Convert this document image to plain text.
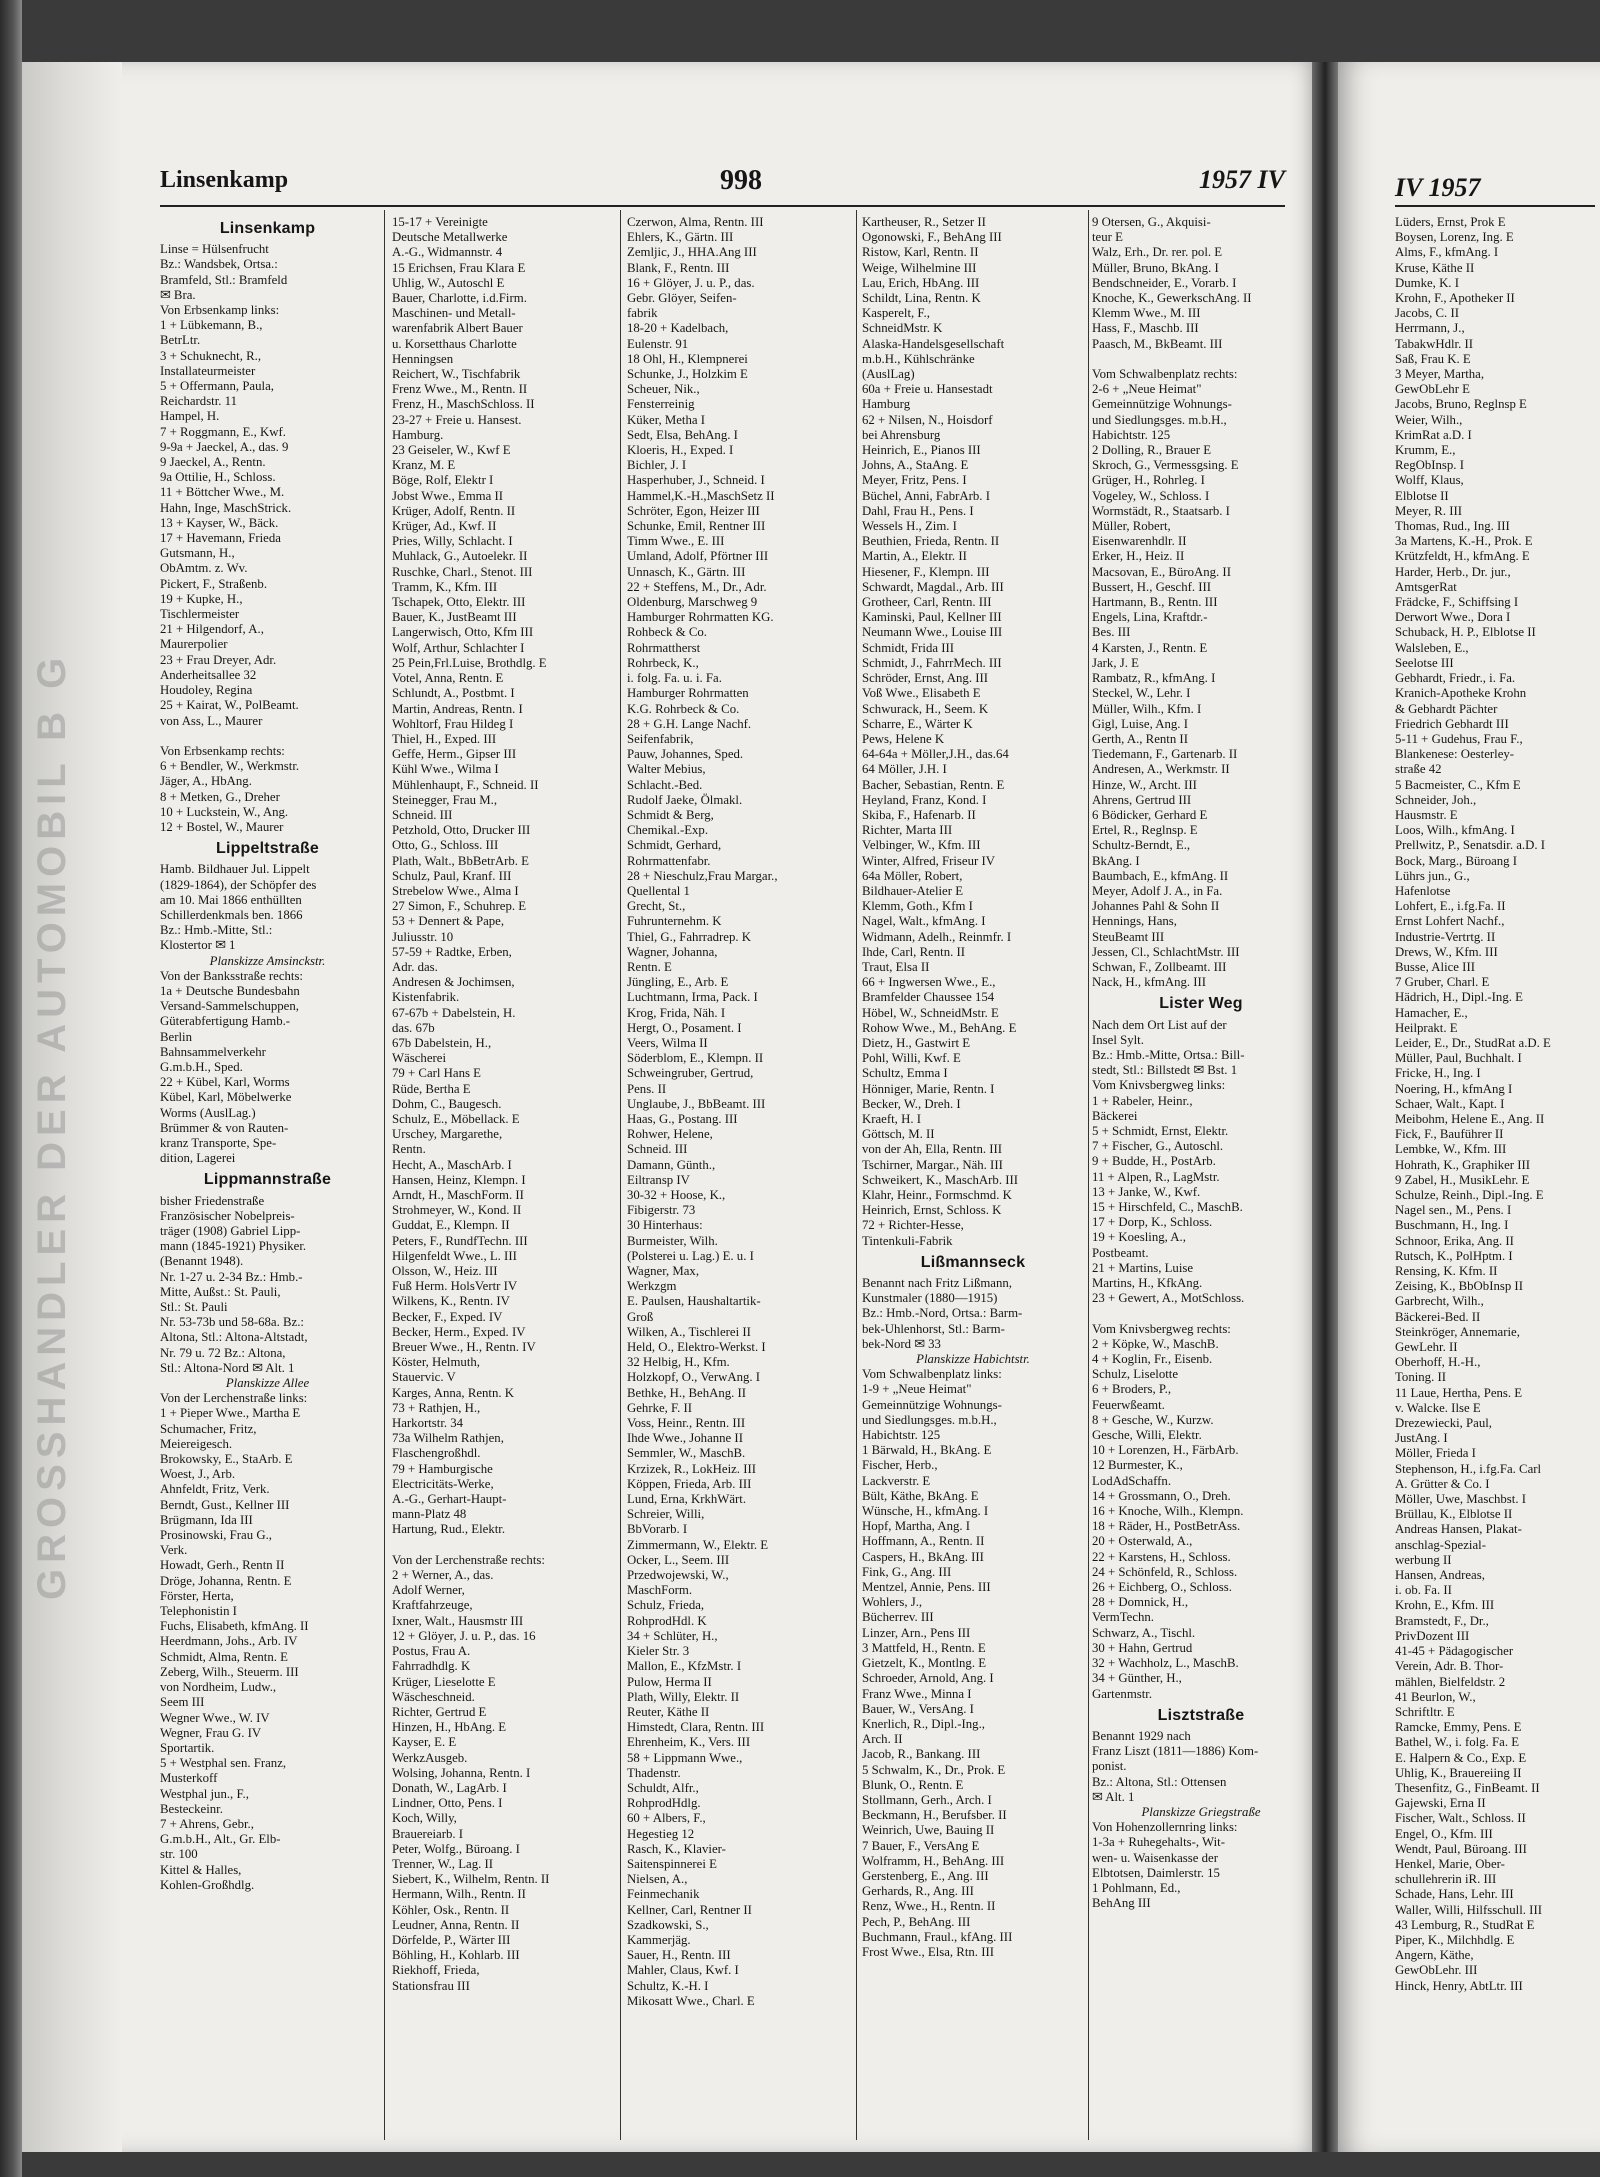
GROSSHANDLER DER AUTOMOBIL B G
Linsenkamp	998	1957 IV	IV 1957
Linsenkamp
Linse = Hülsenfrucht
Bz.: Wandsbek, Ortsa.:
Bramfeld, Stl.: Bramfeld
✉ Bra.
Von Erbsenkamp links:
1 + Lübkemann, B.,
BetrLtr.
3 + Schuknecht, R.,
Installateurmeister
5 + Offermann, Paula,
Reichardstr. 11
Hampel, H.
7 + Roggmann, E., Kwf.
9-9a + Jaeckel, A., das. 9
9 Jaeckel, A., Rentn.
9a Ottilie, H., Schloss.
11 + Böttcher Wwe., M.
Hahn, Inge, MaschStrick.
13 + Kayser, W., Bäck.
17 + Havemann, Frieda
Gutsmann, H.,
ObAmtm. z. Wv.
Pickert, F., Straßenb.
19 + Kupke, H.,
Tischlermeister
21 + Hilgendorf, A.,
Maurerpolier
23 + Frau Dreyer, Adr.
Anderheitsallee 32
Houdoley, Regina
25 + Kairat, W., PolBeamt.
von Ass, L., Maurer

Von Erbsenkamp rechts:
6 + Bendler, W., Werkmstr.
Jäger, A., HbAng.
8 + Metken, G., Dreher
10 + Luckstein, W., Ang.
12 + Bostel, W., Maurer
Lippeltstraße
Hamb. Bildhauer Jul. Lippelt
(1829-1864), der Schöpfer des
am 10. Mai 1866 enthüllten
Schillerdenkmals ben. 1866
Bz.: Hmb.-Mitte, Stl.:
Klostertor ✉ 1
Planskizze Amsinckstr.
Von der Banksstraße rechts:
1a + Deutsche Bundesbahn
Versand-Sammelschuppen,
Güterabfertigung Hamb.-
Berlin
Bahnsammelverkehr
G.m.b.H., Sped.
22 + Kübel, Karl, Worms
Kübel, Karl, Möbelwerke
Worms (AuslLag.)
Brümmer & von Rauten-
kranz Transporte, Spe-
dition, Lagerei
Lippmannstraße
bisher Friedenstraße
Französischer Nobelpreis-
träger (1908) Gabriel Lipp-
mann (1845-1921) Physiker.
(Benannt 1948).
Nr. 1-27 u. 2-34 Bz.: Hmb.-
Mitte, Außst.: St. Pauli,
Stl.: St. Pauli
Nr. 53-73b und 58-68a. Bz.:
Altona, Stl.: Altona-Altstadt,
Nr. 79 u. 72 Bz.: Altona,
Stl.: Altona-Nord ✉ Alt. 1
Planskizze Allee
Von der Lerchenstraße links:
1 + Pieper Wwe., Martha E
Schumacher, Fritz,
Meiereigesch.
Brokowsky, E., StaArb. E
Woest, J., Arb.
Ahnfeldt, Fritz, Verk.
Berndt, Gust., Kellner III
Brügmann, Ida III
Prosinowski, Frau G.,
Verk.
Howadt, Gerh., Rentn II
Dröge, Johanna, Rentn. E
Förster, Herta,
Telephonistin I
Fuchs, Elisabeth, kfmAng. II
Heerdmann, Johs., Arb. IV
Schmidt, Alma, Rentn. E
Zeberg, Wilh., Steuerm. III
von Nordheim, Ludw.,
Seem III
Wegner Wwe., W. IV
Wegner, Frau G. IV
Sportartik.
5 + Westphal sen. Franz,
Musterkoff
Westphal jun., F.,
Besteckeinr.
7 + Ahrens, Gebr.,
G.m.b.H., Alt., Gr. Elb-
str. 100
Kittel & Halles,
Kohlen-Großhdlg.
15-17 + Vereinigte
Deutsche Metallwerke
A.-G., Widmannstr. 4
15 Erichsen, Frau Klara E
Uhlig, W., Autoschl E
Bauer, Charlotte, i.d.Firm.
Maschinen- und Metall-
warenfabrik Albert Bauer
u. Korsetthaus Charlotte
Henningsen
Reichert, W., Tischfabrik
Frenz Wwe., M., Rentn. II
Frenz, H., MaschSchloss. II
23-27 + Freie u. Hansest.
Hamburg.
23 Geiseler, W., Kwf E
Kranz, M. E
Böge, Rolf, Elektr I
Jobst Wwe., Emma II
Krüger, Adolf, Rentn. II
Krüger, Ad., Kwf. II
Pries, Willy, Schlacht. I
Muhlack, G., Autoelekr. II
Ruschke, Charl., Stenot. III
Tramm, K., Kfm. III
Tschapek, Otto, Elektr. III
Bauer, K., JustBeamt III
Langerwisch, Otto, Kfm III
Wolf, Arthur, Schlachter I
25 Pein,Frl.Luise, Brothdlg. E
Votel, Anna, Rentn. E
Schlundt, A., Postbmt. I
Martin, Andreas, Rentn. I
Wohltorf, Frau Hildeg I
Thiel, H., Exped. III
Geffe, Herm., Gipser III
Kühl Wwe., Wilma I
Mühlenhaupt, F., Schneid. II
Steinegger, Frau M.,
Schneid. III
Petzhold, Otto, Drucker III
Otto, G., Schloss. III
Plath, Walt., BbBetrArb. E
Schulz, Paul, Kranf. III
Strebelow Wwe., Alma I
27 Simon, F., Schuhrep. E
53 + Dennert & Pape,
Juliusstr. 10
57-59 + Radtke, Erben,
Adr. das.
Andresen & Jochimsen,
Kistenfabrik.
67-67b + Dabelstein, H.
das. 67b
67b Dabelstein, H.,
Wäscherei
79 + Carl Hans E
Rüde, Bertha E
Dohm, C., Baugesch.
Schulz, E., Möbellack. E
Urschey, Margarethe,
Rentn.
Hecht, A., MaschArb. I
Hansen, Heinz, Klempn. I
Arndt, H., MaschForm. II
Strohmeyer, W., Kond. II
Guddat, E., Klempn. II
Peters, F., RundfTechn. III
Hilgenfeldt Wwe., L. III
Olsson, W., Heiz. III
Fuß Herm. HolsVertr IV
Wilkens, K., Rentn. IV
Becker, F., Exped. IV
Becker, Herm., Exped. IV
Breuer Wwe., H., Rentn. IV
Köster, Helmuth,
Stauervic. V
Karges, Anna, Rentn. K
73 + Rathjen, H.,
Harkortstr. 34
73a Wilhelm Rathjen,
Flaschengroßhdl.
79 + Hamburgische
Electricitäts-Werke,
A.-G., Gerhart-Haupt-
mann-Platz 48
Hartung, Rud., Elektr.

Von der Lerchenstraße rechts:
2 + Werner, A., das.
Adolf Werner,
Kraftfahrzeuge,
Ixner, Walt., Hausmstr III
12 + Glöyer, J. u. P., das. 16
Postus, Frau A.
Fahrradhdlg. K
Krüger, Lieselotte E
Wäscheschneid.
Richter, Gertrud E
Hinzen, H., HbAng. E
Kayser, E. E
WerkzAusgeb.
Wolsing, Johanna, Rentn. I
Donath, W., LagArb. I
Lindner, Otto, Pens. I
Koch, Willy,
Brauereiarb. I
Peter, Wolfg., Büroang. I
Trenner, W., Lag. II
Siebert, K., Wilhelm, Rentn. II
Hermann, Wilh., Rentn. II
Köhler, Osk., Rentn. II
Leudner, Anna, Rentn. II
Dörfelde, P., Wärter III
Böhling, H., Kohlarb. III
Riekhoff, Frieda,
Stationsfrau III
Czerwon, Alma, Rentn. III
Ehlers, K., Gärtn. III
Zemljic, J., HHA.Ang III
Blank, F., Rentn. III
16 + Glöyer, J. u. P., das.
Gebr. Glöyer, Seifen-
fabrik
18-20 + Kadelbach,
Eulenstr. 91
18 Ohl, H., Klempnerei
Schunke, J., Holzkim E
Scheuer, Nik.,
Fensterreinig
Küker, Metha I
Sedt, Elsa, BehAng. I
Kloeris, H., Exped. I
Bichler, J. I
Hasperhuber, J., Schneid. I
Hammel,K.-H.,MaschSetz II
Schröter, Egon, Heizer III
Schunke, Emil, Rentner III
Timm Wwe., E. III
Umland, Adolf, Pförtner III
Unnasch, K., Gärtn. III
22 + Steffens, M., Dr., Adr.
Oldenburg, Marschweg 9
Hamburger Rohrmatten KG.
Rohbeck & Co.
Rohrmattherst
Rohrbeck, K.,
i. folg. Fa. u. i. Fa.
Hamburger Rohrmatten
K.G. Rohrbeck & Co.
28 + G.H. Lange Nachf.
Seifenfabrik,
Pauw, Johannes, Sped.
Walter Mebius,
Schlacht.-Bed.
Rudolf Jaeke, Ölmakl.
Schmidt & Berg,
Chemikal.-Exp.
Schmidt, Gerhard,
Rohrmattenfabr.
28 + Nieschulz,Frau Margar.,
Quellental 1
Grecht, St.,
Fuhrunternehm. K
Thiel, G., Fahrradrep. K
Wagner, Johanna,
Rentn. E
Jüngling, E., Arb. E
Luchtmann, Irma, Pack. I
Krog, Frida, Näh. I
Hergt, O., Posament. I
Veers, Wilma II
Söderblom, E., Klempn. II
Schweingruber, Gertrud,
Pens. II
Unglaube, J., BbBeamt. III
Haas, G., Postang. III
Rohwer, Helene,
Schneid. III
Damann, Günth.,
Eiltransp IV
30-32 + Hoose, K.,
Fibigerstr. 73
30 Hinterhaus:
Burmeister, Wilh.
(Polsterei u. Lag.) E. u. I
Wagner, Max,
Werkzgm
E. Paulsen, Haushaltartik-
Groß
Wilken, A., Tischlerei II
Held, O., Elektro-Werkst. I
32 Helbig, H., Kfm.
Holzkopf, O., VerwAng. I
Bethke, H., BehAng. II
Gehrke, F. II
Voss, Heinr., Rentn. III
Ihde Wwe., Johanne II
Semmler, W., MaschB.
Krzizek, R., LokHeiz. III
Köppen, Frieda, Arb. III
Lund, Erna, KrkhWärt.
Schreier, Willi,
BbVorarb. I
Zimmermann, W., Elektr. E
Ocker, L., Seem. III
Przedwojewski, W.,
MaschForm.
Schulz, Frieda,
RohprodHdl. K
34 + Schlüter, H.,
Kieler Str. 3
Mallon, E., KfzMstr. I
Pulow, Herma II
Plath, Willy, Elektr. II
Reuter, Käthe II
Himstedt, Clara, Rentn. III
Ehrenheim, K., Vers. III
58 + Lippmann Wwe.,
Thadenstr.
Schuldt, Alfr.,
RohprodHdlg.
60 + Albers, F.,
Hegestieg 12
Rasch, K., Klavier-
Saitenspinnerei E
Nielsen, A.,
Feinmechanik
Kellner, Carl, Rentner II
Szadkowski, S.,
Kammerjäg.
Sauer, H., Rentn. III
Mahler, Claus, Kwf. I
Schultz, K.-H. I
Mikosatt Wwe., Charl. E
Kartheuser, R., Setzer II
Ogonowski, F., BehAng III
Ristow, Karl, Rentn. II
Weige, Wilhelmine III
Lau, Erich, HbAng. III
Schildt, Lina, Rentn. K
Kasperelt, F.,
SchneidMstr. K
Alaska-Handelsgesellschaft
m.b.H., Kühlschränke
(AuslLag)
60a + Freie u. Hansestadt
Hamburg
62 + Nilsen, N., Hoisdorf
bei Ahrensburg
Heinrich, E., Pianos III
Johns, A., StaAng. E
Meyer, Fritz, Pens. I
Büchel, Anni, FabrArb. I
Dahl, Frau H., Pens. I
Wessels H., Zim. I
Beuthien, Frieda, Rentn. II
Martin, A., Elektr. II
Hiesener, F., Klempn. III
Schwardt, Magdal., Arb. III
Grotheer, Carl, Rentn. III
Kaminski, Paul, Kellner III
Neumann Wwe., Louise III
Schmidt, Frida III
Schmidt, J., FahrrMech. III
Schröder, Ernst, Ang. III
Voß Wwe., Elisabeth E
Schwurack, H., Seem. K
Scharre, E., Wärter K
Pews, Helene K
64-64a + Möller,J.H., das.64
64 Möller, J.H. I
Bacher, Sebastian, Rentn. E
Heyland, Franz, Kond. I
Skiba, F., Hafenarb. II
Richter, Marta III
Velbinger, W., Kfm. III
Winter, Alfred, Friseur IV
64a Möller, Robert,
Bildhauer-Atelier E
Klemm, Goth., Kfm I
Nagel, Walt., kfmAng. I
Widmann, Adelh., Reinmfr. I
Ihde, Carl, Rentn. II
Traut, Elsa II
66 + Ingwersen Wwe., E.,
Bramfelder Chaussee 154
Höbel, W., SchneidMstr. E
Rohow Wwe., M., BehAng. E
Dietz, H., Gastwirt E
Pohl, Willi, Kwf. E
Schultz, Emma I
Hönniger, Marie, Rentn. I
Becker, W., Dreh. I
Kraeft, H. I
Göttsch, M. II
von der Ah, Ella, Rentn. III
Tschirner, Margar., Näh. III
Schweikert, K., MaschArb. III
Klahr, Heinr., Formschmd. K
Heinrich, Ernst, Schloss. K
72 + Richter-Hesse,
Tintenkuli-Fabrik
Lißmannseck
Benannt nach Fritz Lißmann,
Kunstmaler (1880—1915)
Bz.: Hmb.-Nord, Ortsa.: Barm-
bek-Uhlenhorst, Stl.: Barm-
bek-Nord ✉ 33
Planskizze Habichtstr.
Vom Schwalbenplatz links:
1-9 + „Neue Heimat"
Gemeinnützige Wohnungs-
und Siedlungsges. m.b.H.,
Habichtstr. 125
1 Bärwald, H., BkAng. E
Fischer, Herb.,
Lackverstr. E
Bült, Käthe, BkAng. E
Wünsche, H., kfmAng. I
Hopf, Martha, Ang. I
Hoffmann, A., Rentn. II
Caspers, H., BkAng. III
Fink, G., Ang. III
Mentzel, Annie, Pens. III
Wohlers, J.,
Bücherrev. III
Linzer, Arn., Pens III
3 Mattfeld, H., Rentn. E
Gietzelt, K., Montlng. E
Schroeder, Arnold, Ang. I
Franz Wwe., Minna I
Bauer, W., VersAng. I
Knerlich, R., Dipl.-Ing.,
Arch. II
Jacob, R., Bankang. III
5 Schwalm, K., Dr., Prok. E
Blunk, O., Rentn. E
Stollmann, Gerh., Arch. I
Beckmann, H., Berufsber. II
Weinrich, Uwe, Bauing II
7 Bauer, F., VersAng E
Wolframm, H., BehAng. III
Gerstenberg, E., Ang. III
Gerhards, R., Ang. III
Renz, Wwe., H., Rentn. II
Pech, P., BehAng. III
Buchmann, Fraul., kfAng. III
Frost Wwe., Elsa, Rtn. III
9 Otersen, G., Akquisi-
teur E
Walz, Erh., Dr. rer. pol. E
Müller, Bruno, BkAng. I
Bendschneider, E., Vorarb. I
Knoche, K., GewerkschAng. II
Klemm Wwe., M. III
Hass, F., Maschb. III
Paasch, M., BkBeamt. III

Vom Schwalbenplatz rechts:
2-6 + „Neue Heimat"
Gemeinnützige Wohnungs-
und Siedlungsges. m.b.H.,
Habichtstr. 125
2 Dolling, R., Brauer E
Skroch, G., Vermessgsing. E
Grüger, H., Rohrleg. I
Vogeley, W., Schloss. I
Wormstädt, R., Staatsarb. I
Müller, Robert,
Eisenwarenhdlr. II
Erker, H., Heiz. II
Macsovan, E., BüroAng. II
Bussert, H., Geschf. III
Hartmann, B., Rentn. III
Engels, Lina, Kraftdr.-
Bes. III
4 Karsten, J., Rentn. E
Jark, J. E
Rambatz, R., kfmAng. I
Steckel, W., Lehr. I
Müller, Wilh., Kfm. I
Gigl, Luise, Ang. I
Gerth, A., Rentn II
Tiedemann, F., Gartenarb. II
Andresen, A., Werkmstr. II
Hinze, W., Archt. III
Ahrens, Gertrud III
6 Bödicker, Gerhard E
Ertel, R., Reglnsp. E
Schultz-Berndt, E.,
BkAng. I
Baumbach, E., kfmAng. II
Meyer, Adolf J. A., in Fa.
Johannes Pahl & Sohn II
Hennings, Hans,
SteuBeamt III
Jessen, Cl., SchlachtMstr. III
Schwan, F., Zollbeamt. III
Nack, H., kfmAng. III
Lister Weg
Nach dem Ort List auf der
Insel Sylt.
Bz.: Hmb.-Mitte, Ortsa.: Bill-
stedt, Stl.: Billstedt ✉ Bst. 1
Vom Knivsbergweg links:
1 + Rabeler, Heinr.,
Bäckerei
5 + Schmidt, Ernst, Elektr.
7 + Fischer, G., Autoschl.
9 + Budde, H., PostArb.
11 + Alpen, R., LagMstr.
13 + Janke, W., Kwf.
15 + Hirschfeld, C., MaschB.
17 + Dorp, K., Schloss.
19 + Koesling, A.,
Postbeamt.
21 + Martins, Luise
Martins, H., KfkAng.
23 + Gewert, A., MotSchloss.

Vom Knivsbergweg rechts:
2 + Köpke, W., MaschB.
4 + Koglin, Fr., Eisenb.
Schulz, Liselotte
6 + Broders, P.,
Feuerwßeamt.
8 + Gesche, W., Kurzw.
Gesche, Willi, Elektr.
10 + Lorenzen, H., FärbArb.
12 Burmester, K.,
LodAdSchaffn.
14 + Grossmann, O., Dreh.
16 + Knoche, Wilh., Klempn.
18 + Räder, H., PostBetrAss.
20 + Osterwald, A.,
22 + Karstens, H., Schloss.
24 + Schönfeld, R., Schloss.
26 + Eichberg, O., Schloss.
28 + Domnick, H.,
VermTechn.
Schwarz, A., Tischl.
30 + Hahn, Gertrud
32 + Wachholz, L., MaschB.
34 + Günther, H.,
Gartenmstr.
Lisztstraße
Benannt 1929 nach
Franz Liszt (1811—1886) Kom-
ponist.
Bz.: Altona, Stl.: Ottensen
✉ Alt. 1
Planskizze Griegstraße
Von Hohenzollernring links:
1-3a + Ruhegehalts-, Wit-
wen- u. Waisenkasse der
Elbtotsen, Daimlerstr. 15
1 Pohlmann, Ed.,
BehAng III
Lüders, Ernst, Prok E
Boysen, Lorenz, Ing. E
Alms, F., kfmAng. I
Kruse, Käthe II
Dumke, K. I
Krohn, F., Apotheker II
Jacobs, C. II
Herrmann, J.,
TabakwHdlr. II
Saß, Frau K. E
3 Meyer, Martha,
GewObLehr E
Jacobs, Bruno, Reglnsp E
Weier, Wilh.,
KrimRat a.D. I
Krumm, E.,
RegObInsp. I
Wolff, Klaus,
Elblotse II
Meyer, R. III
Thomas, Rud., Ing. III
3a Martens, K.-H., Prok. E
Krützfeldt, H., kfmAng. E
Harder, Herb., Dr. jur.,
AmtsgerRat
Frädcke, F., Schiffsing I
Derwort Wwe., Dora I
Schuback, H. P., Elblotse II
Walsleben, E.,
Seelotse III
Gebhardt, Friedr., i. Fa.
Kranich-Apotheke Krohn
& Gebhardt Pächter
Friedrich Gebhardt III
5-11 + Gudehus, Frau F.,
Blankenese: Oesterley-
straße 42
5 Bacmeister, C., Kfm E
Schneider, Joh.,
Hausmstr. E
Loos, Wilh., kfmAng. I
Prellwitz, P., Senatsdir. a.D. I
Bock, Marg., Büroang I
Lührs jun., G.,
Hafenlotse
Lohfert, E., i.fg.Fa. II
Ernst Lohfert Nachf.,
Industrie-Vertrtg. II
Drews, W., Kfm. III
Busse, Alice III
7 Gruber, Charl. E
Hädrich, H., Dipl.-Ing. E
Hamacher, E.,
Heilprakt. E
Leider, E., Dr., StudRat a.D. E
Müller, Paul, Buchhalt. I
Fricke, H., Ing. I
Noering, H., kfmAng I
Schaer, Walt., Kapt. I
Meibohm, Helene E., Ang. II
Fick, F., Bauführer II
Lembke, W., Kfm. III
Hohrath, K., Graphiker III
9 Zabel, H., MusikLehr. E
Schulze, Reinh., Dipl.-Ing. E
Nagel sen., M., Pens. I
Buschmann, H., Ing. I
Schnoor, Erika, Ang. II
Rutsch, K., PolHptm. I
Rensing, K. Kfm. II
Zeising, K., BbObInsp II
Garbrecht, Wilh.,
Bäckerei-Bed. II
Steinkröger, Annemarie,
GewLehr. II
Oberhoff, H.-H.,
Toning. II
11 Laue, Hertha, Pens. E
v. Walcke. Ilse E
Drezewiecki, Paul,
JustAng. I
Möller, Frieda I
Stephenson, H., i.fg.Fa. Carl
A. Grütter & Co. I
Möller, Uwe, Maschbst. I
Brüllau, K., Elblotse II
Andreas Hansen, Plakat-
anschlag-Spezial-
werbung II
Hansen, Andreas,
i. ob. Fa. II
Krohn, E., Kfm. III
Bramstedt, F., Dr.,
PrivDozent III
41-45 + Pädagogischer
Verein, Adr. B. Thor-
mählen, Bielfeldstr. 2
41 Beurlon, W.,
Schriftltr. E
Ramcke, Emmy, Pens. E
Bathel, W., i. folg. Fa. E
E. Halpern & Co., Exp. E
Uhlig, K., Brauereiing II
Thesenfitz, G., FinBeamt. II
Gajewski, Erna II
Fischer, Walt., Schloss. II
Engel, O., Kfm. III
Wendt, Paul, Büroang. III
Henkel, Marie, Ober-
schullehrerin iR. III
Schade, Hans, Lehr. III
Waller, Willi, Hilfsschull. III
43 Lemburg, R., StudRat E
Piper, K., Milchhdlg. E
Angern, Käthe,
GewObLehr. III
Hinck, Henry, AbtLtr. III
